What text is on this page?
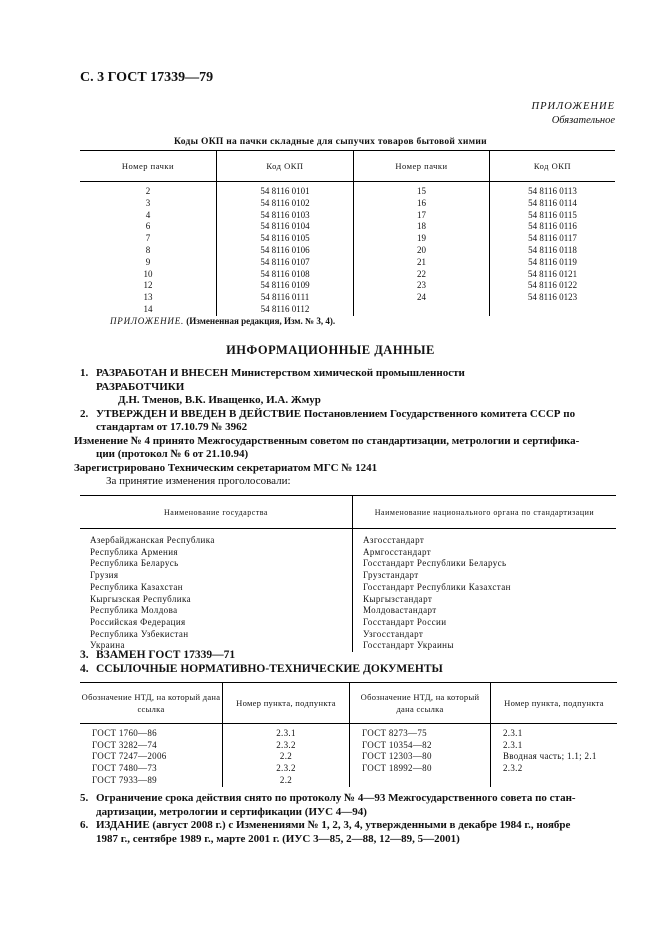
С. 3 ГОСТ 17339—79
ПРИЛОЖЕНИЕ
Обязательное
Коды ОКП на пачки складные для сыпучих товаров бытовой химии
Номер пачки	Код ОКП	Номер пачки	Код ОКП
2	54 8116 0101	15	54 8116 0113
3	54 8116 0102	16	54 8116 0114
4	54 8116 0103	17	54 8116 0115
6	54 8116 0104	18	54 8116 0116
7	54 8116 0105	19	54 8116 0117
8	54 8116 0106	20	54 8116 0118
9	54 8116 0107	21	54 8116 0119
10	54 8116 0108	22	54 8116 0121
12	54 8116 0109	23	54 8116 0122
13	54 8116 0111	24	54 8116 0123
14	54 8116 0112		
ПРИЛОЖЕНИЕ. (Измененная редакция, Изм. № 3, 4).
ИНФОРМАЦИОННЫЕ ДАННЫЕ
1. РАЗРАБОТАН И ВНЕСЕН Министерством химической промышленности
РАЗРАБОТЧИКИ
Д.Н. Тменов, В.К. Иващенко, И.А. Жмур
2. УТВЕРЖДЕН И ВВЕДЕН В ДЕЙСТВИЕ Постановлением Государственного комитета СССР по
стандартам от 17.10.79 № 3962
Изменение № 4 принято Межгосударственным советом по стандартизации, метрологии и сертифика-
ции (протокол № 6 от 21.10.94)
Зарегистрировано Техническим секретариатом МГС № 1241
За принятие изменения проголосовали:
Наименование государства	Наименование национального органа по стандартизации
Азербайджанская Республика	Азгосстандарт
Республика Армения	Армгосстандарт
Республика Беларусь	Госстандарт Республики Беларусь
Грузия	Грузстандарт
Республика Казахстан	Госстандарт Республики Казахстан
Кыргызская Республика	Кыргызстандарт
Республика Молдова	Молдовастандарт
Российская Федерация	Госстандарт России
Республика Узбекистан	Узгосстандарт
Украина	Госстандарт Украины
3. ВЗАМЕН ГОСТ 17339—71
4. ССЫЛОЧНЫЕ НОРМАТИВНО-ТЕХНИЧЕСКИЕ ДОКУМЕНТЫ
Обозначение НТД, на который дана ссылка	Номер пункта, подпункта	Обозначение НТД, на который дана ссылка	Номер пункта, подпункта
ГОСТ 1760—86	2.3.1	ГОСТ 8273—75	2.3.1
ГОСТ 3282—74	2.3.2	ГОСТ 10354—82	2.3.1
ГОСТ 7247—2006	2.2	ГОСТ 12303—80	Вводная часть; 1.1; 2.1
ГОСТ 7480—73	2.3.2	ГОСТ 18992—80	2.3.2
ГОСТ 7933—89	2.2		
5. Ограничение срока действия снято по протоколу № 4—93 Межгосударственного совета по стан-
дартизации, метрологии и сертификации (ИУС 4—94)
6. ИЗДАНИЕ (август 2008 г.) с Изменениями № 1, 2, 3, 4, утвержденными в декабре 1984 г., ноябре
1987 г., сентябре 1989 г., марте 2001 г. (ИУС 3—85, 2—88, 12—89, 5—2001)
